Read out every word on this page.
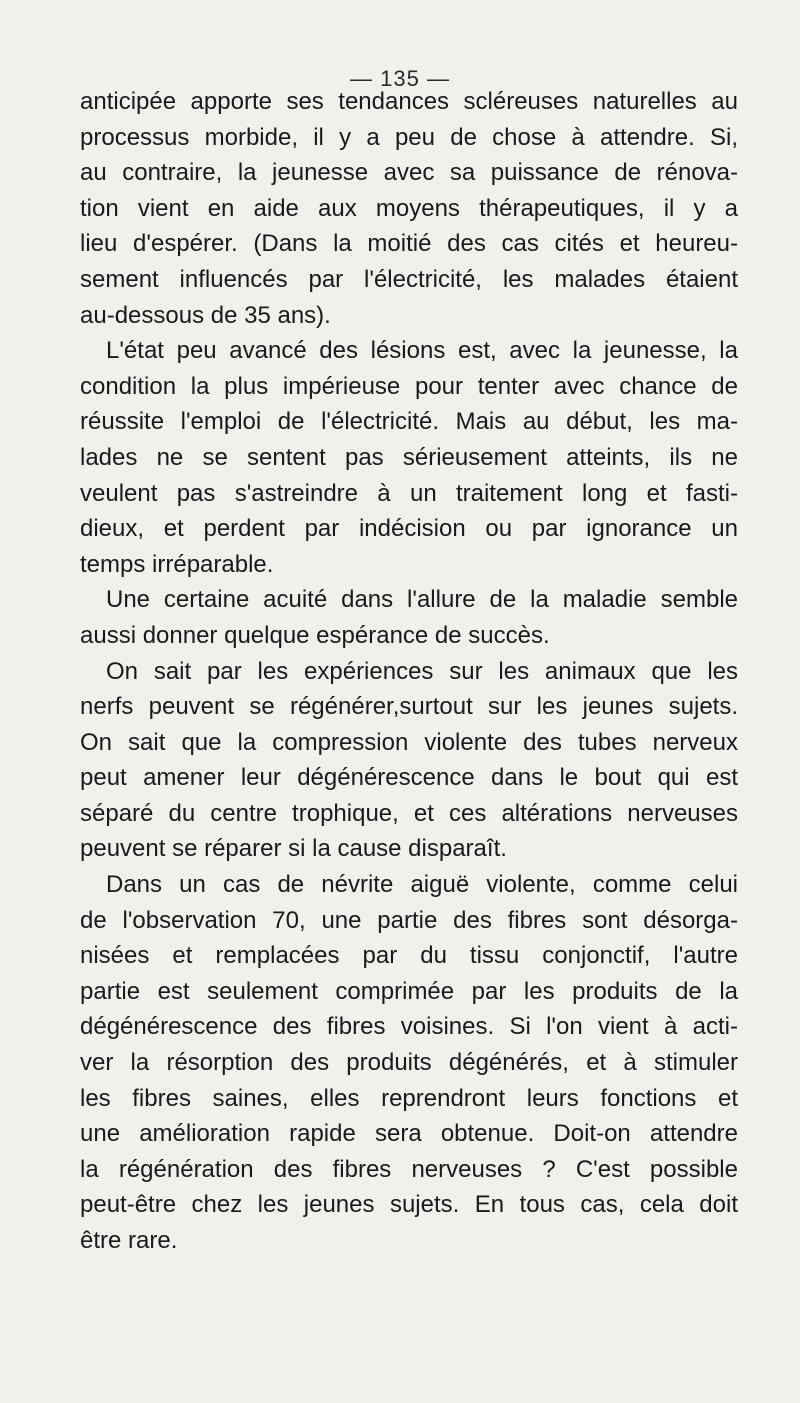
— 135 —
anticipée apporte ses tendances scléreuses naturelles au
processus morbide, il y a peu de chose à attendre. Si,
au contraire, la jeunesse avec sa puissance de rénova-
tion vient en aide aux moyens thérapeutiques, il y a
lieu d'espérer. (Dans la moitié des cas cités et heureu-
sement influencés par l'électricité, les malades étaient
au-dessous de 35 ans).
L'état peu avancé des lésions est, avec la jeunesse, la
condition la plus impérieuse pour tenter avec chance de
réussite l'emploi de l'électricité. Mais au début, les ma-
lades ne se sentent pas sérieusement atteints, ils ne
veulent pas s'astreindre à un traitement long et fasti-
dieux, et perdent par indécision ou par ignorance un
temps irréparable.
Une certaine acuité dans l'allure de la maladie semble
aussi donner quelque espérance de succès.
On sait par les expériences sur les animaux que les
nerfs peuvent se régénérer,surtout sur les jeunes sujets.
On sait que la compression violente des tubes nerveux
peut amener leur dégénérescence dans le bout qui est
séparé du centre trophique, et ces altérations nerveuses
peuvent se réparer si la cause disparaît.
Dans un cas de névrite aiguë violente, comme celui
de l'observation 70, une partie des fibres sont désorga-
nisées et remplacées par du tissu conjonctif, l'autre
partie est seulement comprimée par les produits de la
dégénérescence des fibres voisines. Si l'on vient à acti-
ver la résorption des produits dégénérés, et à stimuler
les fibres saines, elles reprendront leurs fonctions et
une amélioration rapide sera obtenue. Doit-on attendre
la régénération des fibres nerveuses ? C'est possible
peut-être chez les jeunes sujets. En tous cas, cela doit
être rare.
